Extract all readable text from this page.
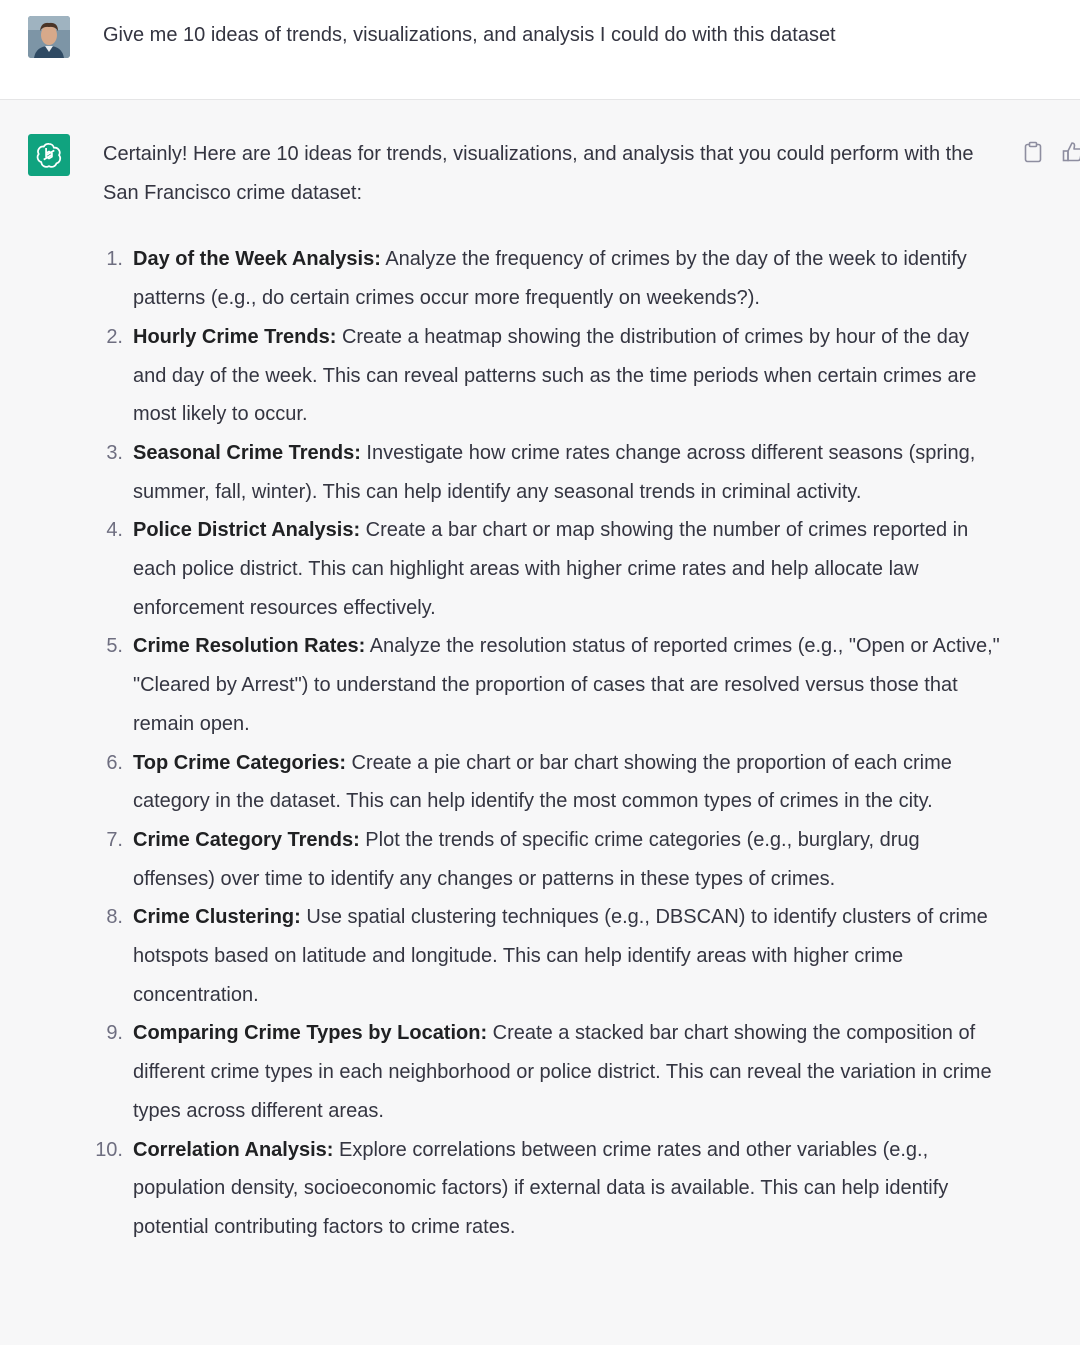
Give me 10 ideas of trends, visualizations, and analysis I could do with this dataset

Certainly! Here are 10 ideas for trends, visualizations, and analysis that you could perform with the San Francisco crime dataset:

1. Day of the Week Analysis: Analyze the frequency of crimes by the day of the week to identify patterns (e.g., do certain crimes occur more frequently on weekends?).
2. Hourly Crime Trends: Create a heatmap showing the distribution of crimes by hour of the day and day of the week. This can reveal patterns such as the time periods when certain crimes are most likely to occur.
3. Seasonal Crime Trends: Investigate how crime rates change across different seasons (spring, summer, fall, winter). This can help identify any seasonal trends in criminal activity.
4. Police District Analysis: Create a bar chart or map showing the number of crimes reported in each police district. This can highlight areas with higher crime rates and help allocate law enforcement resources effectively.
5. Crime Resolution Rates: Analyze the resolution status of reported crimes (e.g., "Open or Active," "Cleared by Arrest") to understand the proportion of cases that are resolved versus those that remain open.
6. Top Crime Categories: Create a pie chart or bar chart showing the proportion of each crime category in the dataset. This can help identify the most common types of crimes in the city.
7. Crime Category Trends: Plot the trends of specific crime categories (e.g., burglary, drug offenses) over time to identify any changes or patterns in these types of crimes.
8. Crime Clustering: Use spatial clustering techniques (e.g., DBSCAN) to identify clusters of crime hotspots based on latitude and longitude. This can help identify areas with higher crime concentration.
9. Comparing Crime Types by Location: Create a stacked bar chart showing the composition of different crime types in each neighborhood or police district. This can reveal the variation in crime types across different areas.
10. Correlation Analysis: Explore correlations between crime rates and other variables (e.g., population density, socioeconomic factors) if external data is available. This can help identify potential contributing factors to crime rates.
